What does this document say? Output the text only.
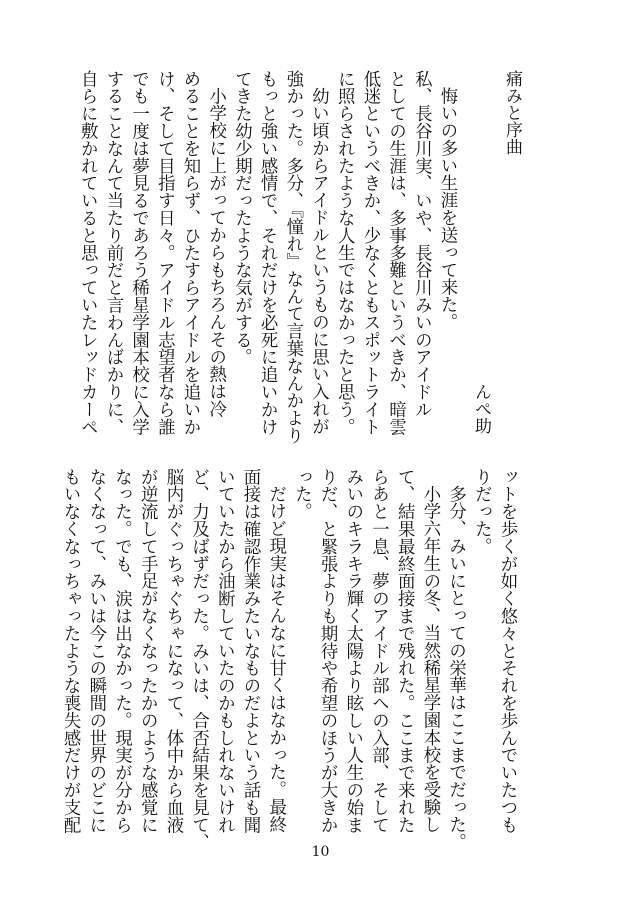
痛みと序曲
んぺ助
悔いの多い生涯を送って来た。
私、長谷川実、いや、長谷川みいのアイドル
としての生涯は、多事多難というべきか、暗雲
低迷というべきか、少なくともスポットライト
に照らされたような人生ではなかったと思う。
幼い頃からアイドルというものに思い入れが
強かった。多分、『憧れ』なんて言葉なんかより
もっと強い感情で、それだけを必死に追いかけ
てきた幼少期だったような気がする。
小学校に上がってからもちろんその熱は冷
めることを知らず、ひたすらアイドルを追いか
け、そして目指す日々。アイドル志望者なら誰
でも一度は夢見るであろう稀星学園本校に入学
することなんて当たり前だと言わんばかりに、
自らに敷かれていると思っていたレッドカーペ
ットを歩くが如く悠々とそれを歩んでいたつも
りだった。
多分、みいにとっての栄華はここまでだった。
小学六年生の冬、当然稀星学園本校を受験し
て、結果最終面接まで残れた。ここまで来れた
らあと一息、夢のアイドル部への入部、そして
みいのキラキラ輝く太陽より眩しい人生の始ま
りだ、と緊張よりも期待や希望のほうが大きか
った。
だけど現実はそんなに甘くはなかった。最終
面接は確認作業みたいなものだよという話も聞
いていたから油断していたのかもしれないけれ
ど、力及ばずだった。みいは、合否結果を見て、
脳内がぐっちゃぐちゃになって、体中から血液
が逆流して手足がなくなったかのような感覚に
なった。でも、涙は出なかった。現実が分から
なくなって、みいは今この瞬間の世界のどこに
もいなくなっちゃったような喪失感だけが支配
10
